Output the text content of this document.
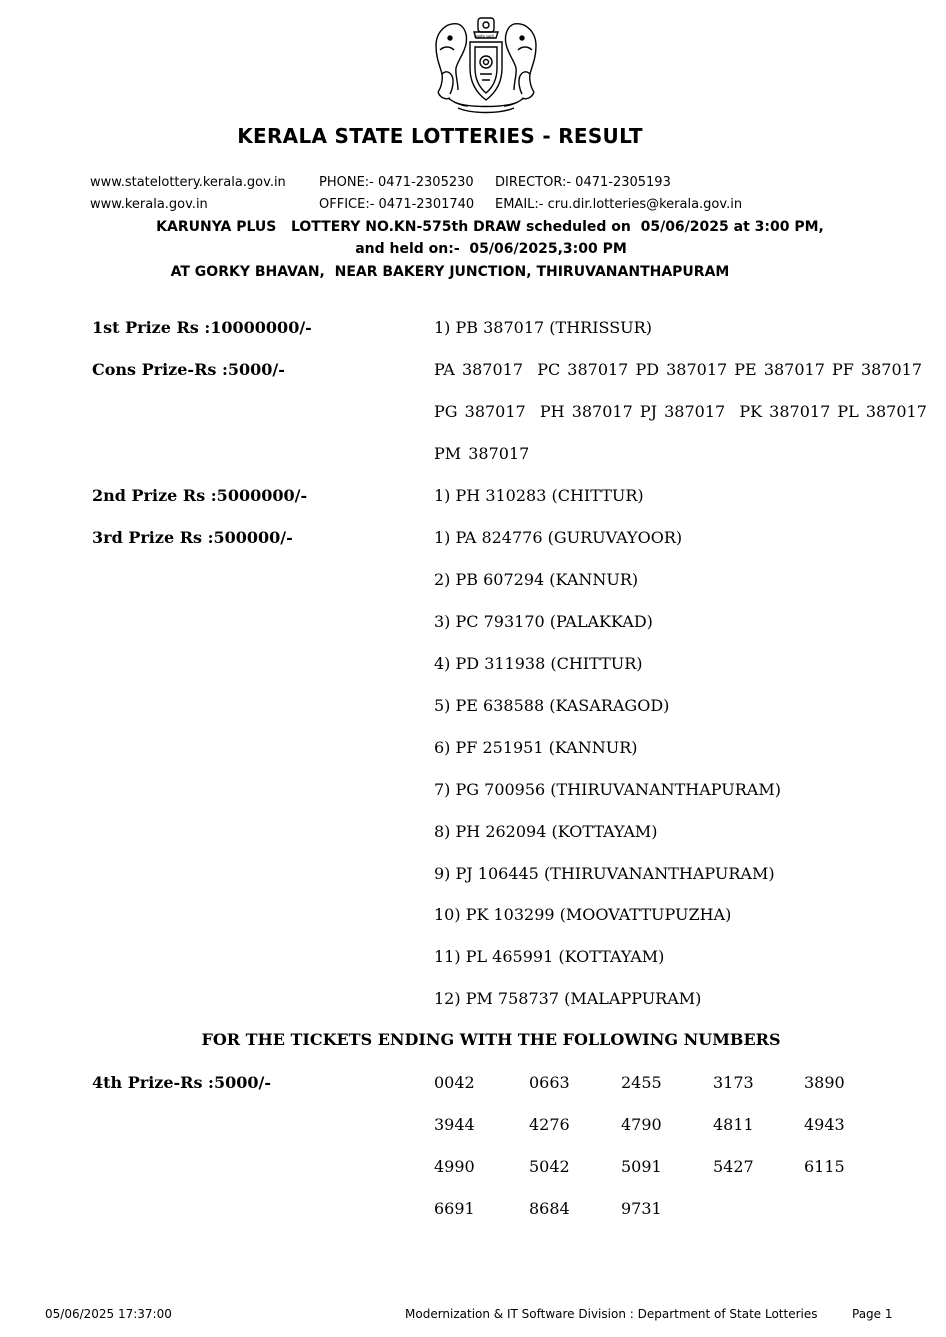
सत्यमेव जयते
KERALA STATE LOTTERIES - RESULT
www.statelottery.kerala.gov.in	PHONE:- 0471-2305230 DIRECTOR:- 0471-2305193
www.kerala.gov.in	OFFICE:- 0471-2301740 EMAIL:- cru.dir.lotteries@kerala.gov.in
KARUNYA PLUS   LOTTERY NO.KN-575th DRAW scheduled on  05/06/2025 at 3:00 PM,
and held on:-  05/06/2025,3:00 PM
AT GORKY BHAVAN,  NEAR BAKERY JUNCTION, THIRUVANANTHAPURAM
1st Prize Rs :10000000/-	1) PB 387017 (THRISSUR)
Cons Prize-Rs :5000/-	PA 387017  PC 387017 PD 387017 PE 387017 PF 387017
PG 387017  PH 387017 PJ 387017  PK 387017 PL 387017
PM 387017
2nd Prize Rs :5000000/-	1) PH 310283 (CHITTUR)
3rd Prize Rs :500000/-	1) PA 824776 (GURUVAYOOR)
2) PB 607294 (KANNUR)
3) PC 793170 (PALAKKAD)
4) PD 311938 (CHITTUR)
5) PE 638588 (KASARAGOD)
6) PF 251951 (KANNUR)
7) PG 700956 (THIRUVANANTHAPURAM)
8) PH 262094 (KOTTAYAM)
9) PJ 106445 (THIRUVANANTHAPURAM)
10) PK 103299 (MOOVATTUPUZHA)
11) PL 465991 (KOTTAYAM)
12) PM 758737 (MALAPPURAM)
FOR THE TICKETS ENDING WITH THE FOLLOWING NUMBERS
4th Prize-Rs :5000/-	0042	0663	2455	3173	3890
3944	4276	4790	4811	4943
4990	5042	5091	5427	6115
6691	8684	9731
05/06/2025 17:37:00	Modernization & IT Software Division : Department of State Lotteries	Page 1
